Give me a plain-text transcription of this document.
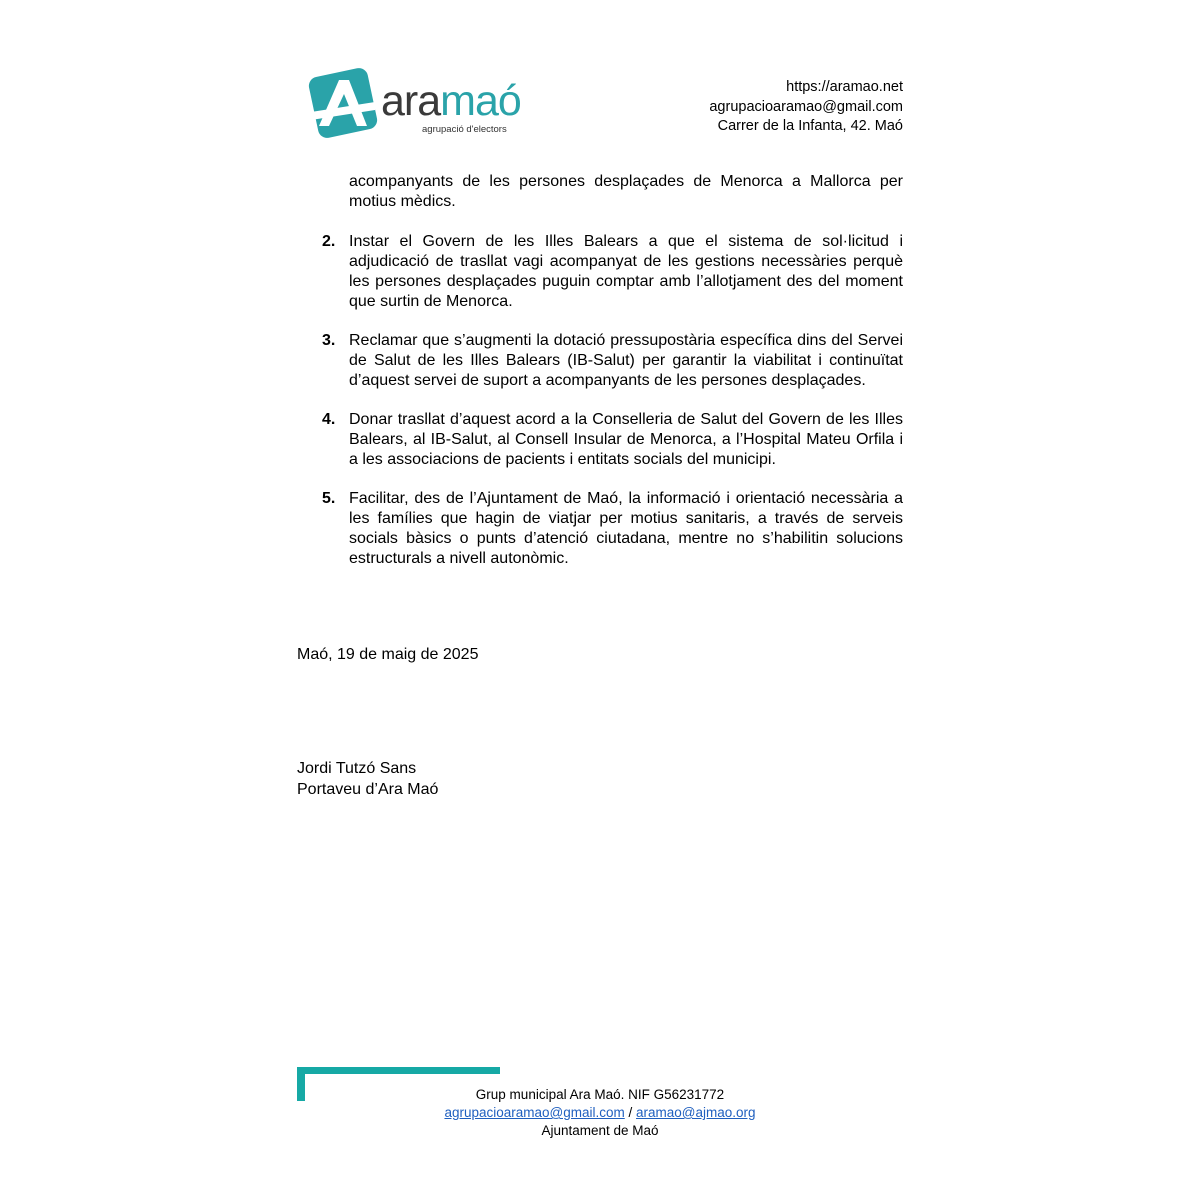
aramaó
agrupació d'electors
https://aramao.net
agrupacioaramao@gmail.com
Carrer de la Infanta, 42. Maó
acompanyants de les persones desplaçades de Menorca a Mallorca per motius mèdics.
2. Instar el Govern de les Illes Balears a que el sistema de sol·licitud i adjudicació de trasllat vagi acompanyat de les gestions necessàries perquè les persones desplaçades puguin comptar amb l’allotjament des del moment que surtin de Menorca.
3. Reclamar que s’augmenti la dotació pressupostària específica dins del Servei de Salut de les Illes Balears (IB-Salut) per garantir la viabilitat i continuïtat d’aquest servei de suport a acompanyants de les persones desplaçades.
4. Donar trasllat d’aquest acord a la Conselleria de Salut del Govern de les Illes Balears, al IB-Salut, al Consell Insular de Menorca, a l’Hospital Mateu Orfila i a les associacions de pacients i entitats socials del municipi.
5. Facilitar, des de l’Ajuntament de Maó, la informació i orientació necessària a les famílies que hagin de viatjar per motius sanitaris, a través de serveis socials bàsics o punts d’atenció ciutadana, mentre no s’habilitin solucions estructurals a nivell autonòmic.
Maó, 19 de maig de 2025
Jordi Tutzó Sans
Portaveu d’Ara Maó
Grup municipal Ara Maó. NIF G56231772
agrupacioaramao@gmail.com / aramao@ajmao.org
Ajuntament de Maó
